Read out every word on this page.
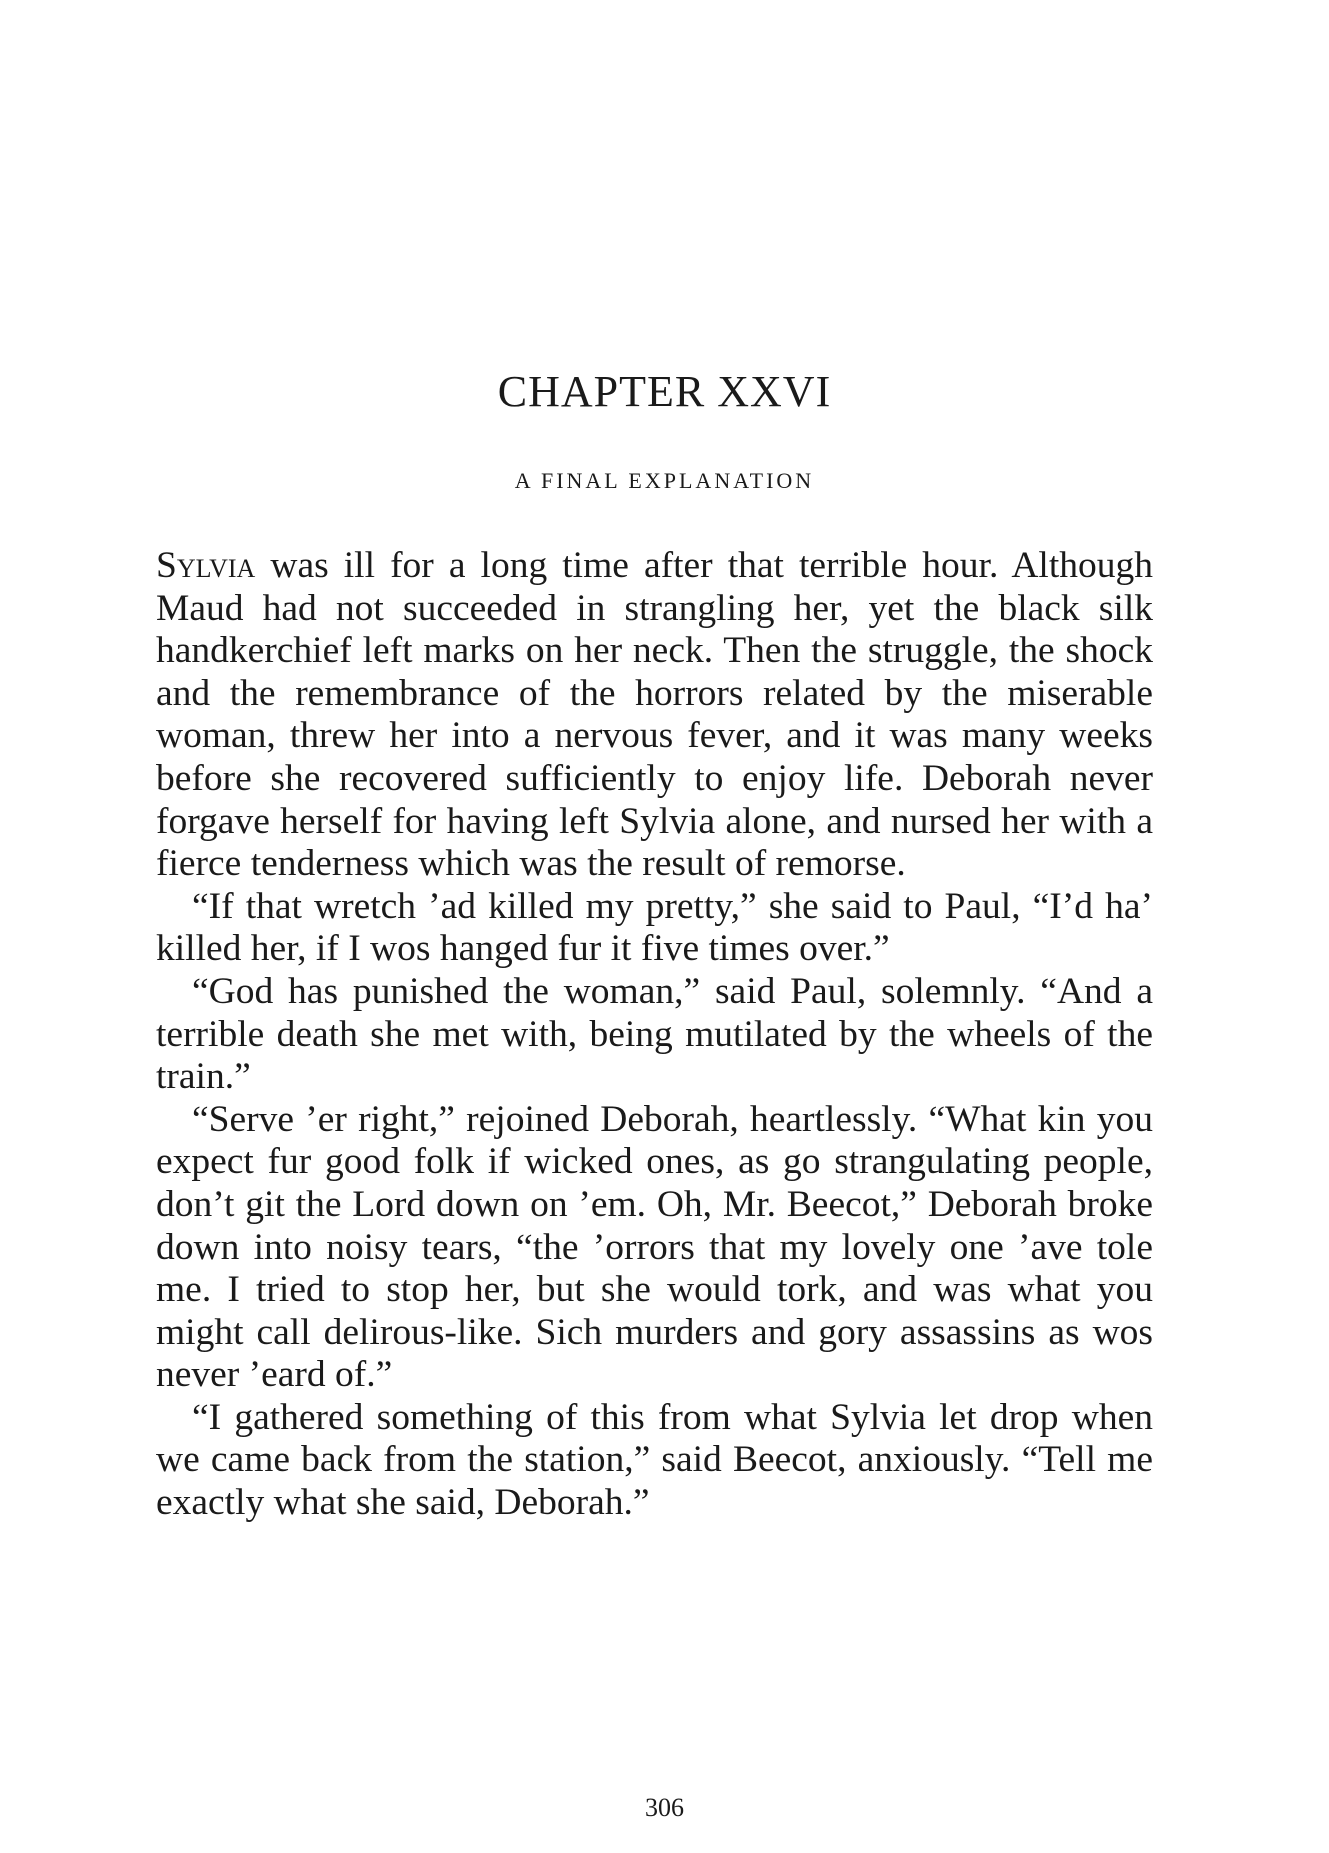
CHAPTER XXVI
A FINAL EXPLANATION

Sylvia was ill for a long time after that terrible hour. Although Maud had not succeeded in strangling her, yet the black silk handkerchief left marks on her neck. Then the struggle, the shock and the remembrance of the horrors related by the miserable woman, threw her into a nervous fever, and it was many weeks before she recovered sufficiently to enjoy life. Deborah never forgave herself for having left Sylvia alone, and nursed her with a fierce tenderness which was the result of remorse.

“If that wretch ’ad killed my pretty,” she said to Paul, “I’d ha’ killed her, if I wos hanged fur it five times over.”

“God has punished the woman,” said Paul, solemnly. “And a terrible death she met with, being mutilated by the wheels of the train.”

“Serve ’er right,” rejoined Deborah, heartlessly. “What kin you expect fur good folk if wicked ones, as go strangulating people, don’t git the Lord down on ’em. Oh, Mr. Beecot,” Deborah broke down into noisy tears, “the ’orrors that my lovely one ’ave tole me. I tried to stop her, but she would tork, and was what you might call delirous-like. Sich murders and gory assassins as wos never ’eard of.”

“I gathered something of this from what Sylvia let drop when we came back from the station,” said Beecot, anxiously. “Tell me exactly what she said, Deborah.”

306
